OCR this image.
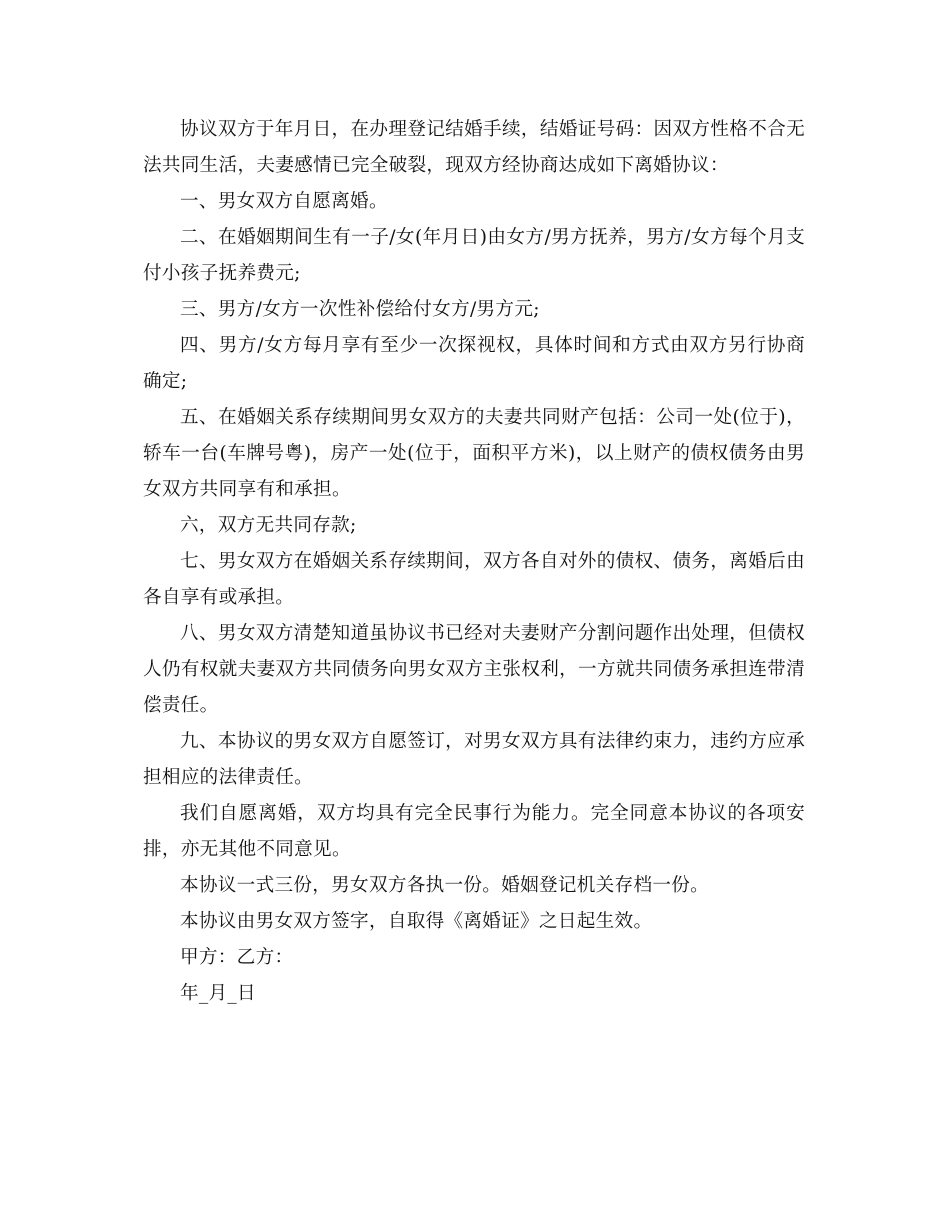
协议双方于年月日，在办理登记结婚手续，结婚证号码：因双方性格不合无法共同生活，夫妻感情已完全破裂，现双方经协商达成如下离婚协议：

一、男女双方自愿离婚。

二、在婚姻期间生有一子/女(年月日)由女方/男方抚养，男方/女方每个月支付小孩子抚养费元;

三、男方/女方一次性补偿给付女方/男方元;

四、男方/女方每月享有至少一次探视权，具体时间和方式由双方另行协商确定;

五、在婚姻关系存续期间男女双方的夫妻共同财产包括：公司一处(位于)，轿车一台(车牌号粤)，房产一处(位于，面积平方米)，以上财产的债权债务由男女双方共同享有和承担。

六，双方无共同存款;

七、男女双方在婚姻关系存续期间，双方各自对外的债权、债务，离婚后由各自享有或承担。

八、男女双方清楚知道虽协议书已经对夫妻财产分割问题作出处理，但债权人仍有权就夫妻双方共同债务向男女双方主张权利，一方就共同债务承担连带清偿责任。

九、本协议的男女双方自愿签订，对男女双方具有法律约束力，违约方应承担相应的法律责任。

我们自愿离婚，双方均具有完全民事行为能力。完全同意本协议的各项安排，亦无其他不同意见。

本协议一式三份，男女双方各执一份。婚姻登记机关存档一份。

本协议由男女双方签字，自取得《离婚证》之日起生效。

甲方：乙方：

年_月_日
